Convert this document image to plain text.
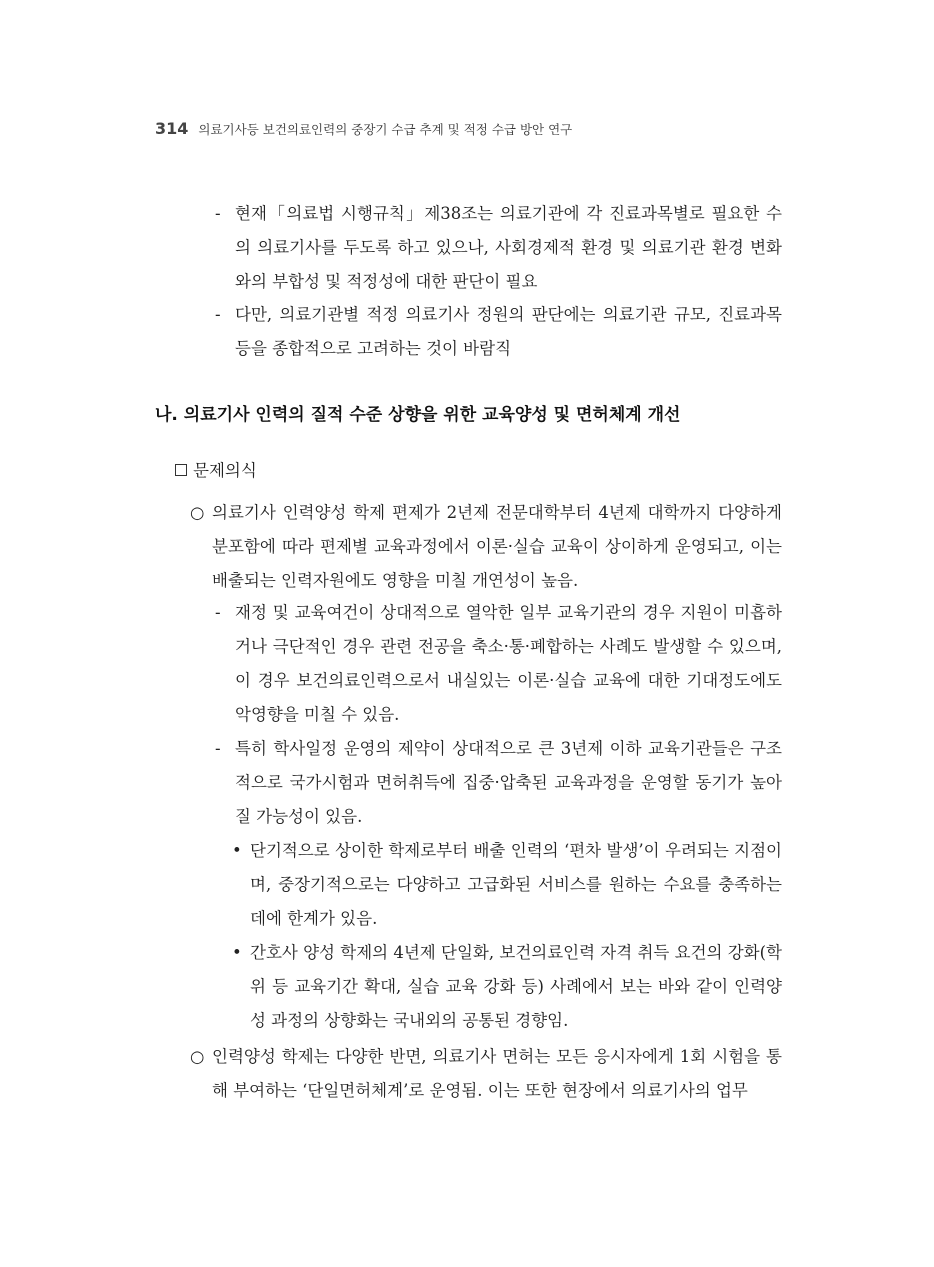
314 의료기사등 보건의료인력의 중장기 수급 추계 및 적정 수급 방안 연구
- 현재「의료법 시행규칙」제38조는 의료기관에 각 진료과목별로 필요한 수의 의료기사를 두도록 하고 있으나, 사회경제적 환경 및 의료기관 환경 변화와의 부합성 및 적정성에 대한 판단이 필요
- 다만, 의료기관별 적정 의료기사 정원의 판단에는 의료기관 규모, 진료과목 등을 종합적으로 고려하는 것이 바람직
나. 의료기사 인력의 질적 수준 상향을 위한 교육양성 및 면허체계 개선
문제의식
○ 의료기사 인력양성 학제 편제가 2년제 전문대학부터 4년제 대학까지 다양하게 분포함에 따라 편제별 교육과정에서 이론·실습 교육이 상이하게 운영되고, 이는 배출되는 인력자원에도 영향을 미칠 개연성이 높음.
- 재정 및 교육여건이 상대적으로 열악한 일부 교육기관의 경우 지원이 미흡하거나 극단적인 경우 관련 전공을 축소·통·폐합하는 사례도 발생할 수 있으며, 이 경우 보건의료인력으로서 내실있는 이론·실습 교육에 대한 기대정도에도 악영향을 미칠 수 있음.
- 특히 학사일정 운영의 제약이 상대적으로 큰 3년제 이하 교육기관들은 구조적으로 국가시험과 면허취득에 집중·압축된 교육과정을 운영할 동기가 높아질 가능성이 있음.
• 단기적으로 상이한 학제로부터 배출 인력의 ‘편차 발생’이 우려되는 지점이며, 중장기적으로는 다양하고 고급화된 서비스를 원하는 수요를 충족하는 데에 한계가 있음.
• 간호사 양성 학제의 4년제 단일화, 보건의료인력 자격 취득 요건의 강화(학위 등 교육기간 확대, 실습 교육 강화 등) 사례에서 보는 바와 같이 인력양성 과정의 상향화는 국내외의 공통된 경향임.
○ 인력양성 학제는 다양한 반면, 의료기사 면허는 모든 응시자에게 1회 시험을 통해 부여하는 ‘단일면허체계’로 운영됨. 이는 또한 현장에서 의료기사의 업무
